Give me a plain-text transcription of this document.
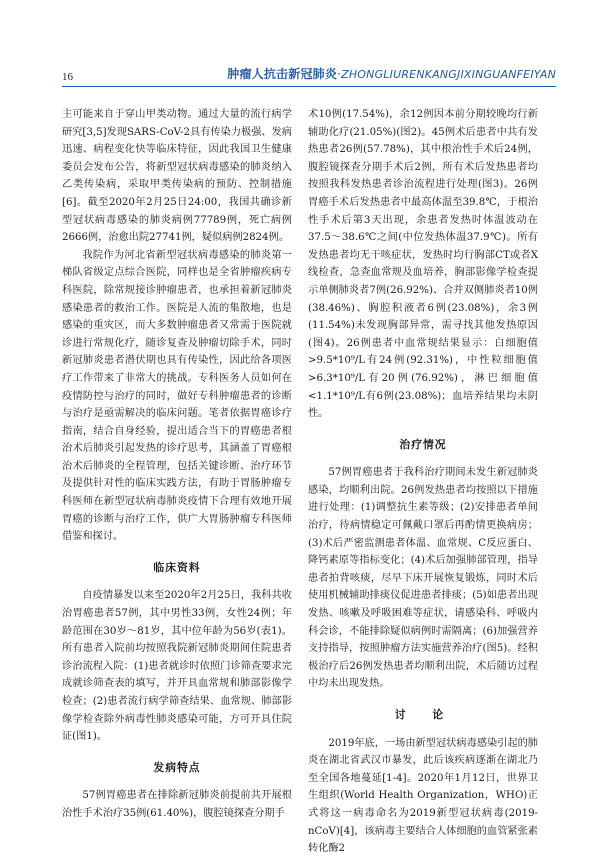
16	肿瘤人抗击新冠肺炎·ZHONGLIURENKANGJIXINGUANFEIYAN

主可能来自于穿山甲类动物。通过大量的流行病学研究[3,5]发现SARS-CoV-2具有传染力极强、发病迅速、病程变化快等临床特征，因此我国卫生健康委员会发布公告，将新型冠状病毒感染的肺炎纳入乙类传染病，采取甲类传染病的预防、控制措施[6]。截至2020年2月25日24:00，我国共确诊新型冠状病毒感染的肺炎病例77789例，死亡病例2666例，治愈出院27741例，疑似病例2824例。

我院作为河北省新型冠状病毒感染的肺炎第一梯队省级定点综合医院，同样也是全省肿瘤疾病专科医院，除常规接诊肿瘤患者，也承担着新冠肺炎感染患者的救治工作。医院是人流的集散地，也是感染的重灾区，而大多数肿瘤患者又常需于医院就诊进行常规化疗，随诊复查及肿瘤切除手术，同时新冠肺炎患者潜伏期也具有传染性，因此给各项医疗工作带来了非常大的挑战。专科医务人员如何在疫情防控与治疗的同时，做好专科肿瘤患者的诊断与治疗是亟需解决的临床问题。笔者依据胃癌诊疗指南，结合自身经验，提出适合当下的胃癌患者根治术后肺炎引起发热的诊疗思考，其涵盖了胃癌根治术后肺炎的全程管理，包括关键诊断、治疗环节及提供针对性的临床实践方法，有助于胃肠肿瘤专科医师在新型冠状病毒肺炎疫情下合理有效地开展胃癌的诊断与治疗工作，供广大胃肠肿瘤专科医师借鉴和探讨。

临床资料

自疫情暴发以来至2020年2月25日，我科共收治胃癌患者57例，其中男性33例，女性24例；年龄范围在30岁～81岁，其中位年龄为56岁(表1)。所有患者入院前均按照我院新冠肺炎期间住院患者诊治流程入院：(1)患者就诊时依照门诊筛查要求完成就诊筛查表的填写，并开具血常规和肺部影像学检查；(2)患者流行病学筛查结果、血常规、肺部影像学检查除外病毒性肺炎感染可能，方可开具住院证(图1)。

发病特点

57例胃癌患者在排除新冠肺炎前提前共开展根治性手术治疗35例(61.40%)，腹腔镜探查分期手

术10例(17.54%)，余12例因本前分期较晚均行新辅助化疗(21.05%)(图2)。45例术后患者中共有发热患者26例(57.78%)，其中根治性手术后24例，腹腔镜探查分期手术后2例，所有术后发热患者均按照我科发热患者诊治流程进行处理(图3)。26例胃癌手术后发热患者中最高体温至39.8℃，于根治性手术后第3天出现，余患者发热时体温波动在37.5～38.6℃之间(中位发热体温37.9℃)。所有发热患者均无干咳症状，发热时均行胸部CT或者X线检查，急查血常规及血培养，胸部影像学检查提示单侧肺炎者7例(26.92%)、合并双侧肺炎者10例(38.46%)、胸腔积液者6例(23.08%)，余3例(11.54%)未发现胸部异常，需寻找其他发热原因(图4)。26例患者中血常规结果显示：白细胞值>9.5*10⁹/L有24例(92.31%)，中性粒细胞值>6.3*10⁹/L有20例(76.92%)，淋巴细胞值<1.1*10⁹/L有6例(23.08%)；血培养结果均未阴性。

治疗情况

57例胃癌患者于我科治疗期间未发生新冠肺炎感染，均顺利出院。26例发热患者均按照以下措施进行处理：(1)调整抗生素等级；(2)安排患者单间治疗，待病情稳定可佩戴口罩后再酌情更换病房；(3)术后严密监测患者体温、血常规、C反应蛋白、降钙素原等指标变化；(4)术后加强肺部管理，指导患者拍背咳痰，尽早下床开展恢复锻炼，同时术后使用机械辅助排痰仪促进患者排痰；(5)如患者出现发热、咳嗽及呼吸困难等症状，请感染科、呼吸内科会诊，不能排除疑似病例时需隔离；(6)加强营养支持指导，按照肿瘤方法实施营养治疗(图5)。经积极治疗后26例发热患者均顺利出院，术后随访过程中均未出现发热。

讨　论

2019年底，一场由新型冠状病毒感染引起的肺炎在湖北省武汉市暴发，此后该疾病逐渐在湖北乃至全国各地蔓延[1-4]。2020年1月12日，世界卫生组织(World Health Organization，WHO)正式将这一病毒命名为2019新型冠状病毒(2019-nCoV)[4]，该病毒主要结合人体细胞的血管紧张素转化酶2
